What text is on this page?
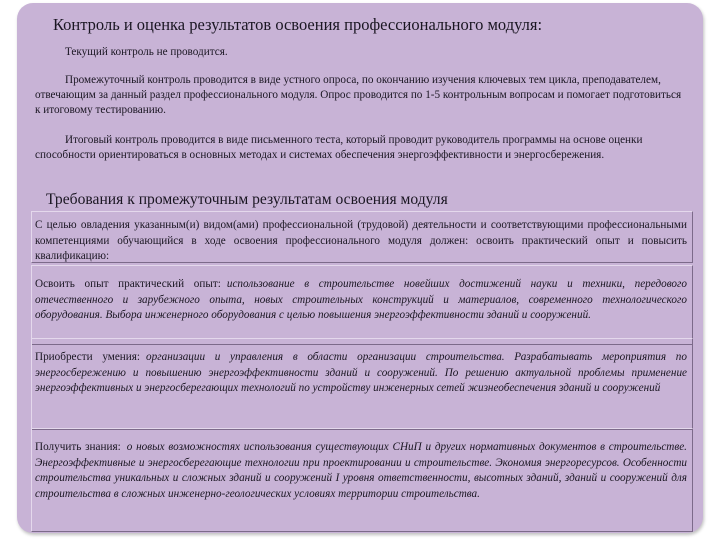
Контроль и оценка результатов освоения профессионального модуля:

Текущий контроль не проводится.

Промежуточный контроль проводится в виде устного опроса, по окончанию изучения ключевых тем цикла, преподавателем, отвечающим за данный раздел профессионального модуля. Опрос проводится по 1-5 контрольным вопросам и помогает подготовиться к итоговому тестированию.

Итоговый контроль проводится в виде письменного теста, который проводит руководитель программы на основе оценки способности ориентироваться в основных методах и системах обеспечения энергоэффективности и энергосбережения.

Требования к промежуточным результатам освоения модуля

С целью овладения указанным(и) видом(ами) профессиональной (трудовой) деятельности и соответствующими профессиональными компетенциями обучающийся в ходе освоения профессионального модуля должен: освоить практический опыт и повысить квалификацию:

Освоить опыт практический опыт: использование в строительстве новейших достижений науки и техники, передового отечественного и зарубежного опыта, новых строительных конструкций и материалов, современного технологического оборудования. Выбора инженерного оборудования с целью повышения энергоэффективности зданий и сооружений.

Приобрести умения: организации и управления в области организации строительства. Разрабатывать мероприятия по энергосбережению и повышению энергоэффективности зданий и сооружений. По решению актуальной проблемы применение энергоэффективных и энергосберегающих технологий по устройству инженерных сетей жизнеобеспечения зданий и сооружений

Получить знания: о новых возможностях использования существующих СНиП и других нормативных документов в строительстве. Энергоэффективные и энергосберегающие технологии при проектировании и строительстве. Экономия энергоресурсов. Особенности строительства уникальных и сложных зданий и сооружений I уровня ответственности, высотных зданий, зданий и сооружений для строительства в сложных инженерно-геологических условиях территории строительства.
